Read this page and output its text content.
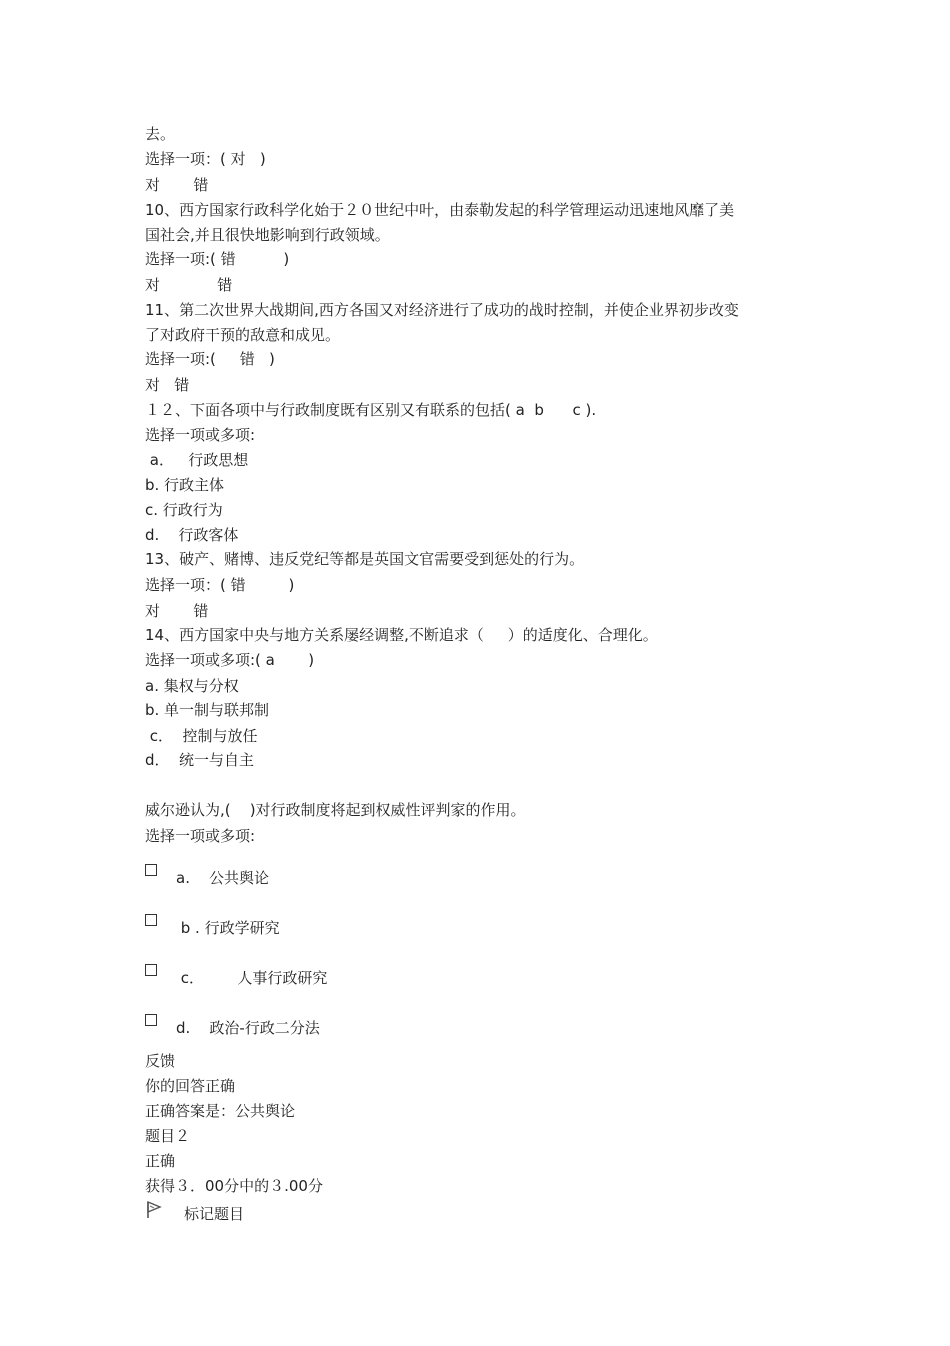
去。
选择一项：( 对   )
对       错
10、西方国家行政科学化始于２０世纪中叶，由泰勒发起的科学管理运动迅速地风靡了美
国社会,并且很快地影响到行政领域。
选择一项:( 错          )
对            错
11、第二次世界大战期间,西方各国又对经济进行了成功的战时控制，并使企业界初步改变
了对政府干预的敌意和成见。
选择一项:(     错   )
对   错
１２、下面各项中与行政制度既有区别又有联系的包括( a  b      c ).
选择一项或多项:
a．   行政思想
b. 行政主体
c. 行政行为
d.    行政客体
13、破产、赌博、违反党纪等都是英国文官需要受到惩处的行为。
选择一项：( 错         )
对       错
14、西方国家中央与地方关系屡经调整,不断追求（     ）的适度化、合理化。
选择一项或多项:( a       )
a. 集权与分权
b. 单一制与联邦制
c．  控制与放任
d．  统一与自主
威尔逊认为,(    )对行政制度将起到权威性评判家的作用。
选择一项或多项:
a.    公共舆论
b . 行政学研究
c．       人事行政研究
d.    政治-行政二分法
反馈
你的回答正确
正确答案是：公共舆论
题目２
正确
获得３．00分中的３.00分
标记题目
